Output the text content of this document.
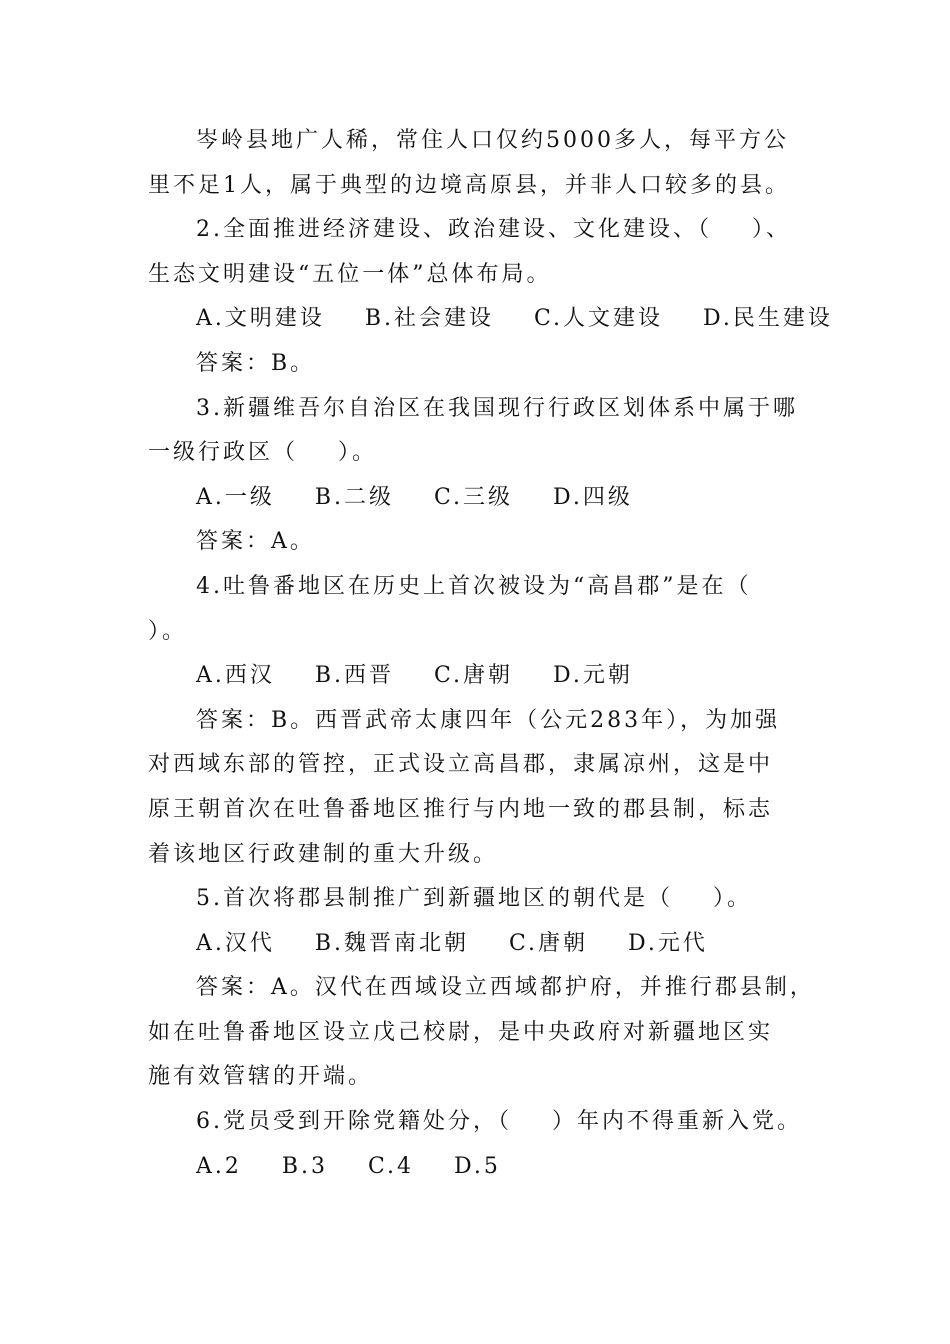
岑岭县地广人稀，常住人口仅约5000多人，每平方公
里不足1人，属于典型的边境高原县，并非人口较多的县。
2.全面推进经济建设、政治建设、文化建设、（    ）、
生态文明建设“五位一体”总体布局。
A.文明建设    B.社会建设    C.人文建设    D.民生建设
答案：B。
3.新疆维吾尔自治区在我国现行行政区划体系中属于哪
一级行政区（    ）。
A.一级    B.二级    C.三级    D.四级
答案：A。
4.吐鲁番地区在历史上首次被设为“高昌郡”是在（
）。
A.西汉    B.西晋    C.唐朝    D.元朝
答案：B。西晋武帝太康四年（公元283年），为加强
对西域东部的管控，正式设立高昌郡，隶属凉州，这是中
原王朝首次在吐鲁番地区推行与内地一致的郡县制，标志
着该地区行政建制的重大升级。
5.首次将郡县制推广到新疆地区的朝代是（    ）。
A.汉代    B.魏晋南北朝    C.唐朝    D.元代
答案：A。汉代在西域设立西域都护府，并推行郡县制，
如在吐鲁番地区设立戊己校尉，是中央政府对新疆地区实
施有效管辖的开端。
6.党员受到开除党籍处分，（    ）年内不得重新入党。
A.2    B.3    C.4    D.5
